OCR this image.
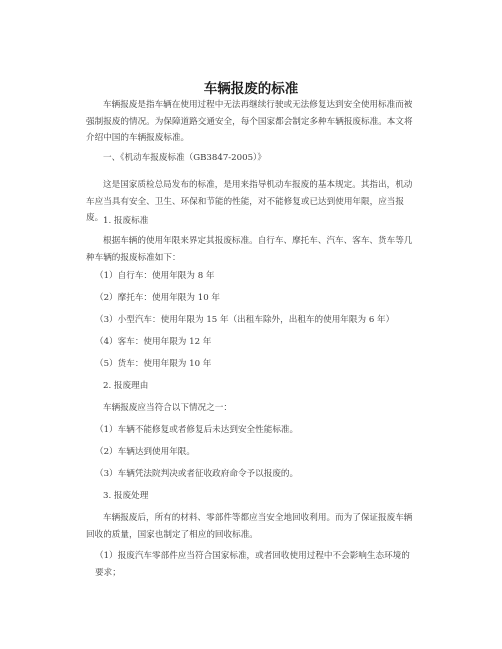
车辆报废的标准

车辆报废是指车辆在使用过程中无法再继续行驶或无法修复达到安全使用标准而被强制报废的情况。为保障道路交通安全，每个国家都会制定多种车辆报废标准。本文将介绍中国的车辆报废标准。

一、《机动车报废标准（GB3847-2005）》

这是国家质检总局发布的标准，是用来指导机动车报废的基本规定。其指出，机动车应当具有安全、卫生、环保和节能的性能，对不能修复或已达到使用年限，应当报废。 1. 报废标准

根据车辆的使用年限来界定其报废标准。自行车、摩托车、汽车、客车、货车等几种车辆的报废标准如下：

（1）自行车：使用年限为 8 年

（2）摩托车：使用年限为 10 年

（3）小型汽车：使用年限为 15 年（出租车除外，出租车的使用年限为 6 年）

（4）客车：使用年限为 12 年

（5）货车：使用年限为 10 年

2. 报废理由

车辆报废应当符合以下情况之一：

（1）车辆不能修复或者修复后未达到安全性能标准。

（2）车辆达到使用年限。

（3）车辆凭法院判决或者征收政府命令予以报废的。

3. 报废处理

车辆报废后，所有的材料、零部件等都应当安全地回收利用。而为了保证报废车辆回收的质量，国家也制定了相应的回收标准。

（1）报废汽车零部件应当符合国家标准，或者回收使用过程中不会影响生态环境的要求；
